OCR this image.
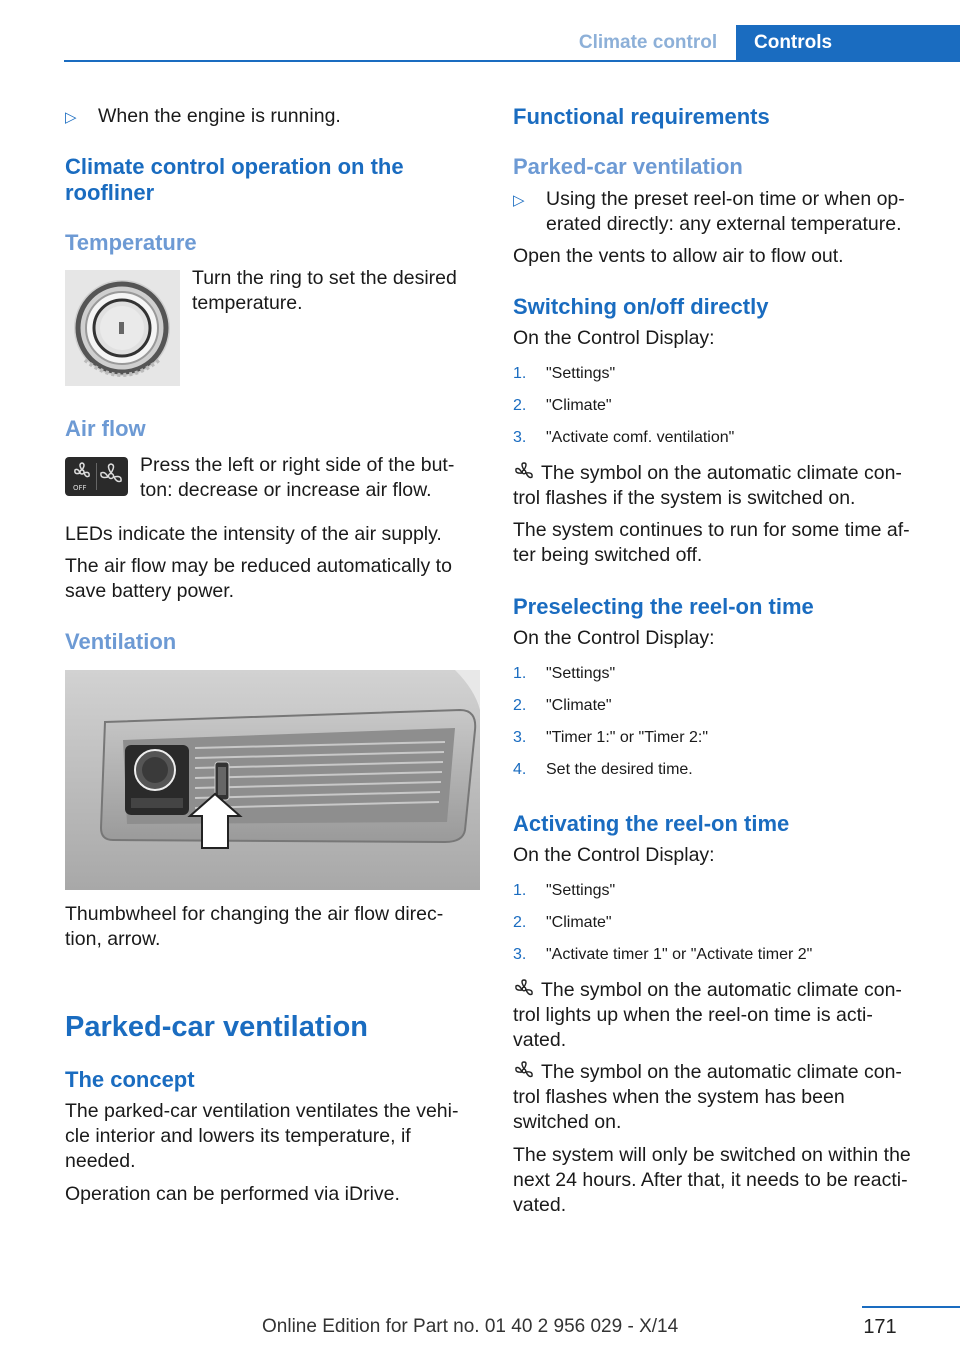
Climate control	Controls
▷ When the engine is running.

Climate control operation on the
roofliner
Temperature

Turn the ring to set the desired
temperature.

Air flow
OFF

Press the left or right side of the but‐
ton: decrease or increase air flow.

LEDs indicate the intensity of the air supply.

The air flow may be reduced automatically to
save battery power.

Ventilation

Thumbwheel for changing the air flow direc‐
tion, arrow.

Parked-car ventilation
The concept

The parked-car ventilation ventilates the vehi‐
cle interior and lowers its temperature, if
needed.

Operation can be performed via iDrive.

Functional requirements
Parked-car ventilation
▷ Using the preset reel-on time or when op‐
erated directly: any external temperature.

Open the vents to allow air to flow out.

Switching on/off directly

On the Control Display:

1. "Settings"
2. "Climate"
3. "Activate comf. ventilation"

The symbol on the automatic climate con‐
trol flashes if the system is switched on.

The system continues to run for some time af‐
ter being switched off.

Preselecting the reel-on time

On the Control Display:

1. "Settings"
2. "Climate"
3. "Timer 1:" or "Timer 2:"
4. Set the desired time.
Activating the reel-on time

On the Control Display:

1. "Settings"
2. "Climate"
3. "Activate timer 1" or "Activate timer 2"

The symbol on the automatic climate con‐
trol lights up when the reel-on time is acti‐
vated.

The symbol on the automatic climate con‐
trol flashes when the system has been
switched on.

The system will only be switched on within the
next 24 hours. After that, it needs to be reacti‐
vated.

171
Online Edition for Part no. 01 40 2 956 029 - X/14
